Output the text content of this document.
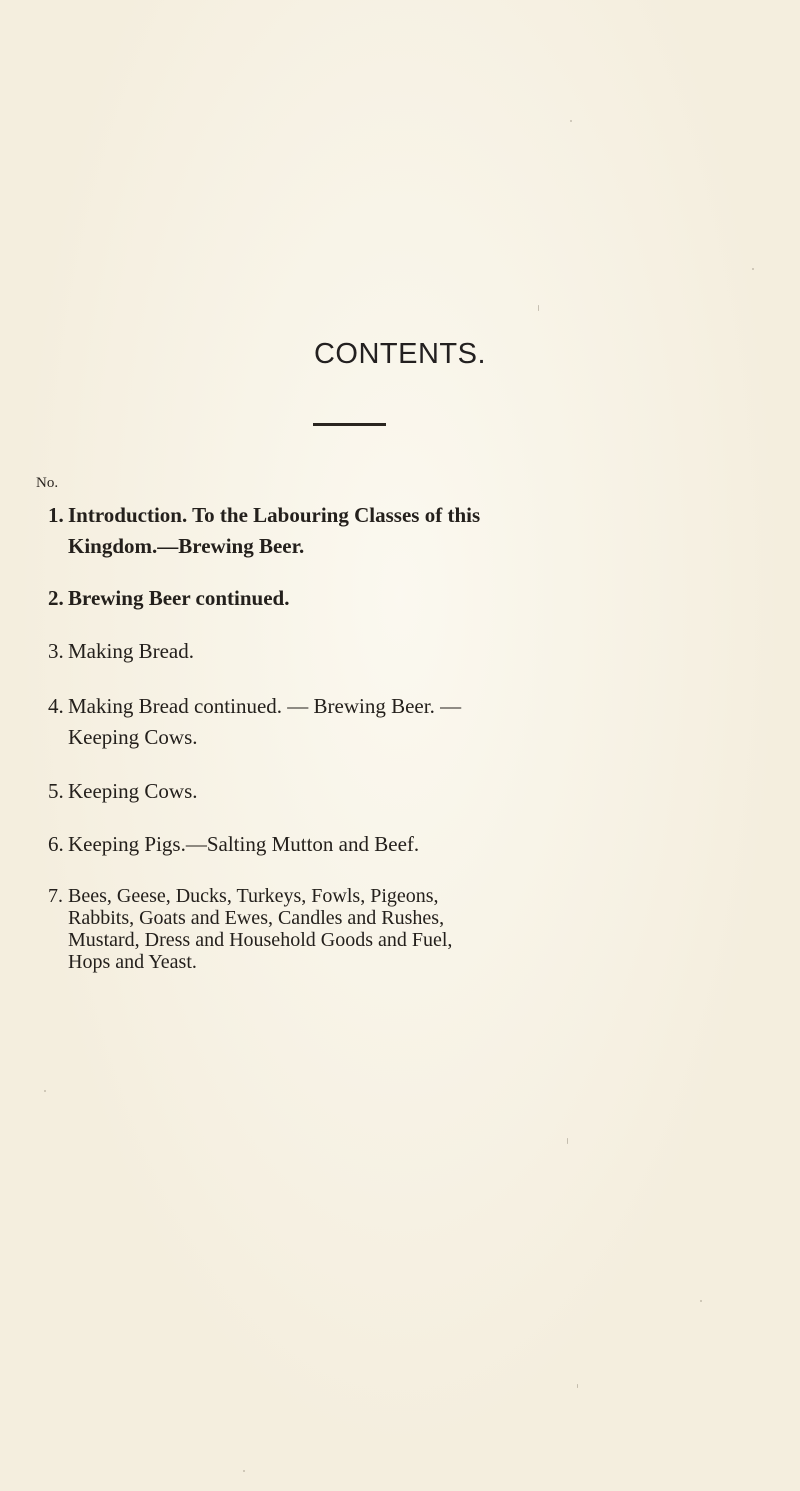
CONTENTS.
No.
1. Introduction. To the Labouring Classes of this
Kingdom.—Brewing Beer.
2. Brewing Beer continued.
3. Making Bread.
4. Making Bread continued. — Brewing Beer. —
Keeping Cows.
5. Keeping Cows.
6. Keeping Pigs.—Salting Mutton and Beef.
7. Bees, Geese, Ducks, Turkeys, Fowls, Pigeons,
Rabbits, Goats and Ewes, Candles and Rushes,
Mustard, Dress and Household Goods and Fuel,
Hops and Yeast.
